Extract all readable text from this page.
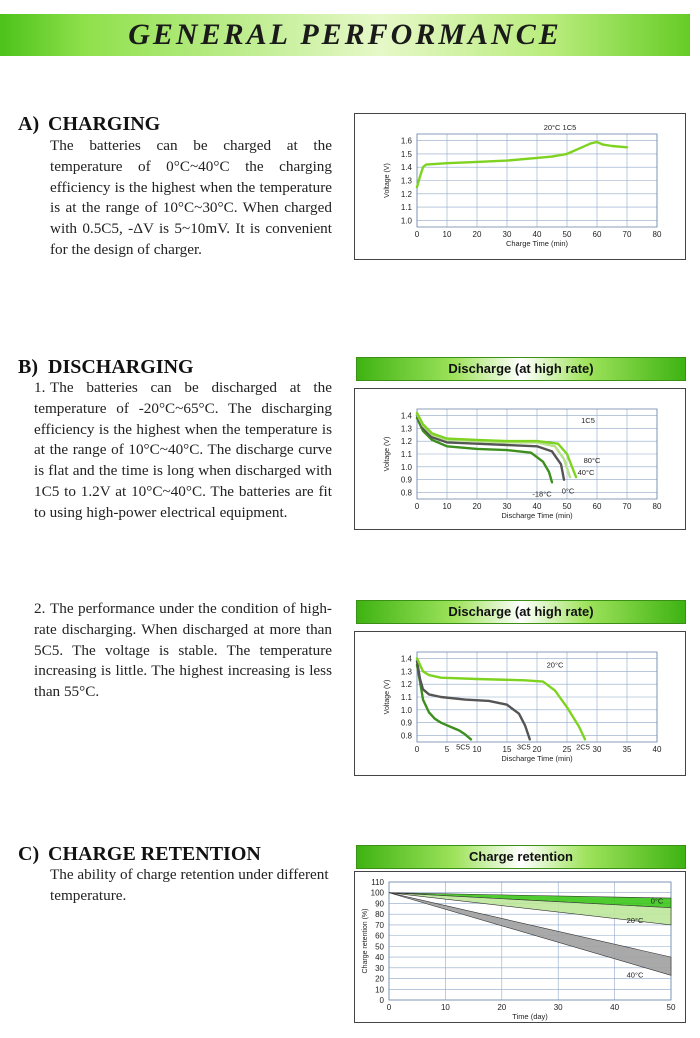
GENERAL PERFORMANCE
A) CHARGING
The batteries can be charged at the temperature of 0°C~40°C the charging efficiency is the highest when the temperature is at the range of 10°C~30°C. When charged with 0.5C5, -ΔV is 5~10mV. It is convenient for the design of charger.
0	10	20	30	40	50	60	70	80
1.0
1.1
1.2
1.3
1.4
1.5
1.6
Charge Time (min)
Voltage (V)
20°C 1C5
B) DISCHARGING
1. The batteries can be discharged at the temperature of -20°C~65°C. The discharging efficiency is the highest when the temperature is at the range of 10°C~40°C. The discharge curve is flat and the time is long when discharged with 1C5 to 1.2V at 10°C~40°C. The batteries are fit to using high-power electrical equipment.
2. The performance under the condition of high-rate discharging. When discharged at more than 5C5. The voltage is stable. The temperature increasing is little. The highest increasing is less than 55°C.
Discharge (at high rate)
0	10	20	30	40	50	60	70	80
0.8
0.9
1.0
1.1
1.2
1.3
1.4
Discharge Time (min)
Voltage (V)
-18°C 0°C
40°C
80°C
1C5
Discharge (at high rate)
0	5	10	15	20	25	30	35	40
0.8
0.9
1.0
1.1
1.2
1.3
1.4
Discharge Time (min)
Voltage (V)
5C5	3C5	2C5
20°C
C) CHARGE RETENTION
The ability of charge retention under different temperature.
Charge retention
0	10	20	30	40	50
0
10
20
30
40
50
60
70
80
90
100
110
Time (day)
Charge retention (%)
0°C
20°C
40°C
